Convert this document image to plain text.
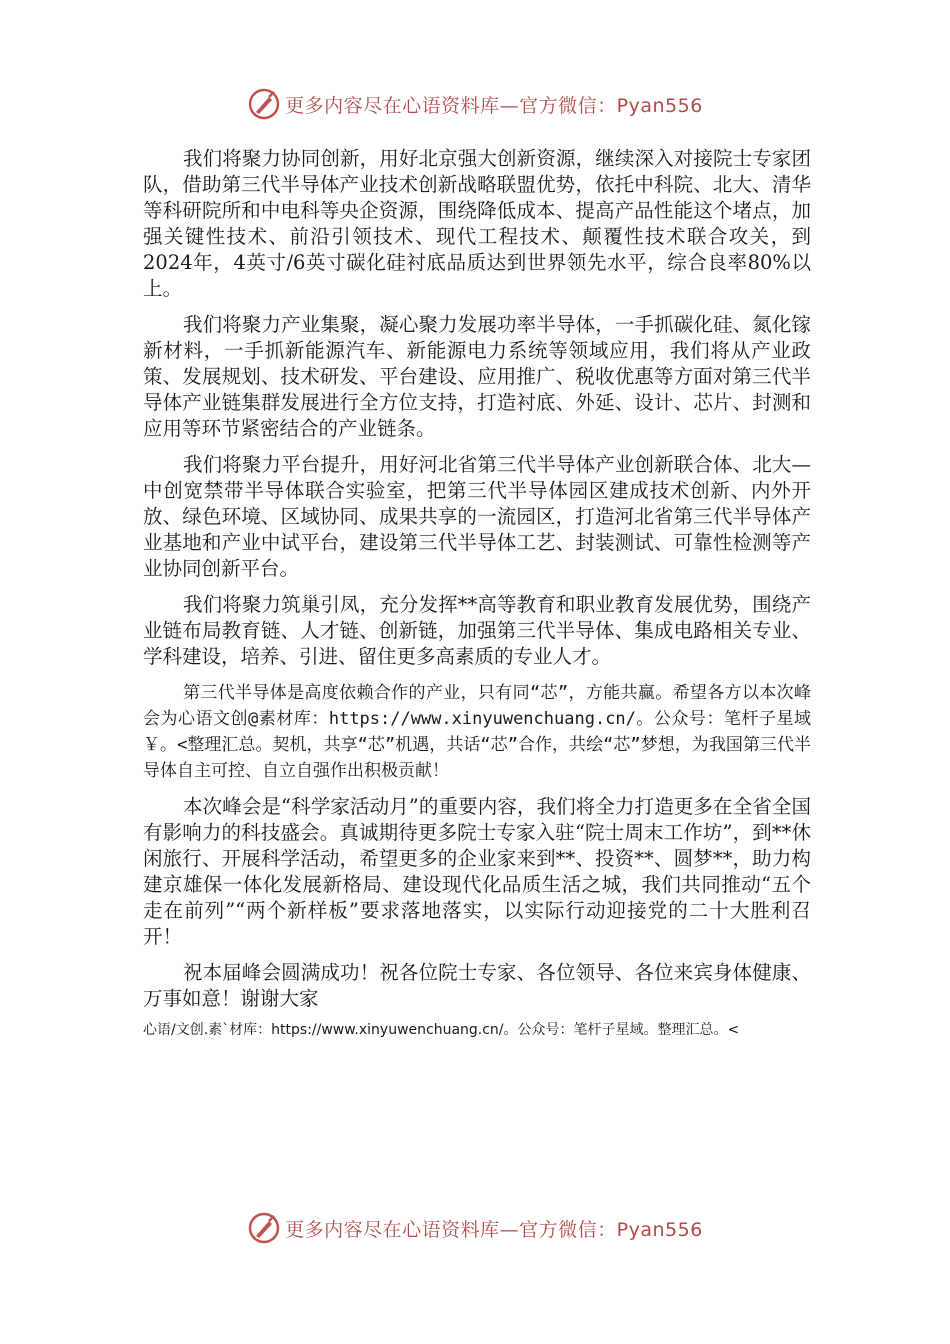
更多内容尽在心语资料库—官方微信：Pyan556

我们将聚力协同创新，用好北京强大创新资源，继续深入对接院士专家团队，借助第三代半导体产业技术创新战略联盟优势，依托中科院、北大、清华等科研院所和中电科等央企资源，围绕降低成本、提高产品性能这个堵点，加强关键性技术、前沿引领技术、现代工程技术、颠覆性技术联合攻关，到2024年，4英寸/6英寸碳化硅衬底品质达到世界领先水平，综合良率80%以上。

我们将聚力产业集聚，凝心聚力发展功率半导体，一手抓碳化硅、氮化镓新材料，一手抓新能源汽车、新能源电力系统等领域应用，我们将从产业政策、发展规划、技术研发、平台建设、应用推广、税收优惠等方面对第三代半导体产业链集群发展进行全方位支持，打造衬底、外延、设计、芯片、封测和应用等环节紧密结合的产业链条。

我们将聚力平台提升，用好河北省第三代半导体产业创新联合体、北大—中创宽禁带半导体联合实验室，把第三代半导体园区建成技术创新、内外开放、绿色环境、区域协同、成果共享的一流园区，打造河北省第三代半导体产业基地和产业中试平台，建设第三代半导体工艺、封装测试、可靠性检测等产业协同创新平台。

我们将聚力筑巢引凤，充分发挥**高等教育和职业教育发展优势，围绕产业链布局教育链、人才链、创新链，加强第三代半导体、集成电路相关专业、学科建设，培养、引进、留住更多高素质的专业人才。

第三代半导体是高度依赖合作的产业，只有同“芯”，方能共赢。希望各方以本次峰会为心语文创@素材库：https://www.xinyuwenchuang.cn/。公众号：笔杆子星域￥。<整理汇总。契机，共享“芯”机遇，共话“芯”合作，共绘“芯”梦想，为我国第三代半导体自主可控、自立自强作出积极贡献！

本次峰会是“科学家活动月”的重要内容，我们将全力打造更多在全省全国有影响力的科技盛会。真诚期待更多院士专家入驻“院士周末工作坊”，到**休闲旅行、开展科学活动，希望更多的企业家来到**、投资**、圆梦**，助力构建京雄保一体化发展新格局、建设现代化品质生活之城，我们共同推动“五个走在前列”“两个新样板”要求落地落实，以实际行动迎接党的二十大胜利召开！

祝本届峰会圆满成功！祝各位院士专家、各位领导、各位来宾身体健康、万事如意！谢谢大家

心语/文创.素`材库：https://www.xinyuwenchuang.cn/。公众号：笔杆子星域。整理汇总。<

更多内容尽在心语资料库—官方微信：Pyan556
